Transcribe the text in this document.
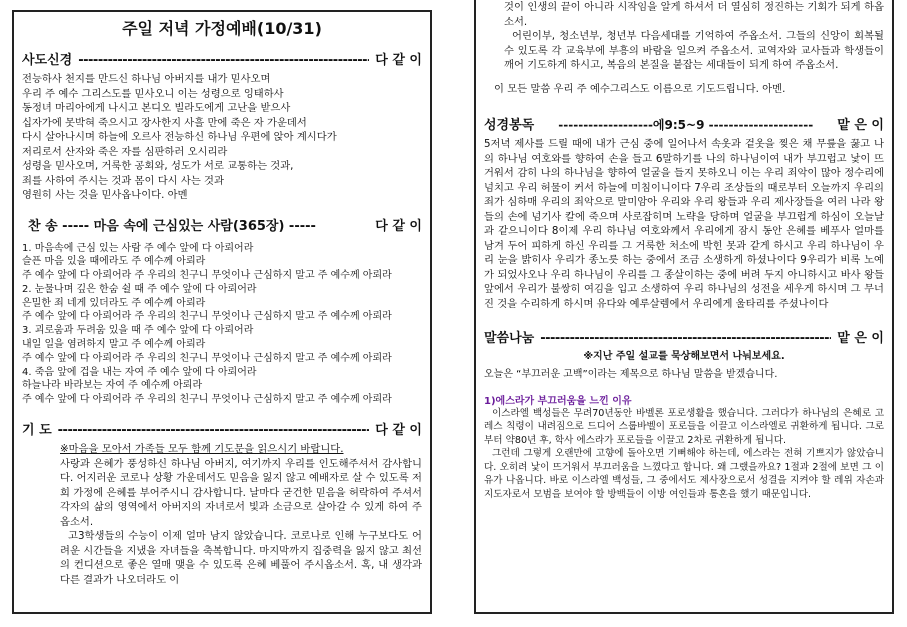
주일 저녁 가정예배(10/31)
사도신경 -----	다 같 이

전능하사 천지를 만드신 하나님 아버지를 내가 믿사오며

우리 주 예수 그리스도를 믿사오니 이는 성령으로 잉태하사

동정녀 마리아에게 나시고 본디오 빌라도에게 고난을 받으사

십자가에 못박혀 죽으시고 장사한지 사흘 만에 죽은 자 가운데서

다시 살아나시며 하늘에 오르사 전능하신 하나님 우편에 앉아 계시다가

저리로서 산자와 죽은 자를 심판하러 오시리라

성령을 믿사오며, 거룩한 공회와, 성도가 서로 교통하는 것과,

죄를 사하여 주시는 것과 몸이 다시 사는 것과

영원히 사는 것을 믿사옵나이다. 아멘

찬 송 ----- 마음 속에 근심있는 사람(365장) -----	다 같 이

1. 마음속에 근심 있는 사람 주 예수 앞에 다 아뢰어라

슬픈 마음 있을 때에라도 주 예수께 아뢰라

주 예수 앞에 다 아뢰어라 주 우리의 친구니 무엇이나 근심하지 말고 주 예수께 아뢰라

2. 눈물나며 깊은 한숨 쉴 때 주 예수 앞에 다 아뢰어라

은밀한 죄 네게 있더라도 주 예수께 아뢰라

주 예수 앞에 다 아뢰어라 주 우리의 친구니 무엇이나 근심하지 말고 주 예수께 아뢰라

3. 괴로움과 두려움 있을 때 주 예수 앞에 다 아뢰어라

내일 일을 염려하지 말고 주 예수께 아뢰라

주 예수 앞에 다 아뢰어라 주 우리의 친구니 무엇이나 근심하지 말고 주 예수께 아뢰라

4. 죽음 앞에 겁을 내는 자여 주 예수 앞에 다 아뢰어라

하늘나라 바라보는 자여 주 예수께 아뢰라

주 예수 앞에 다 아뢰어라 주 우리의 친구니 무엇이나 근심하지 말고 주 예수께 아뢰라

기 도 -----	다 같 이

※마음을 모아서 가족들 모두 함께 기도문을 읽으시기 바랍니다.

사랑과 은혜가 풍성하신 하나님 아버지, 여기까지 우리를 인도해주셔서 감사합니다. 어지러운 코로나 상황 가운데서도 믿음을 잃지 않고 예배자로 살 수 있도록 저희 가정에 은혜를 부어주시니 감사합니다. 날마다 굳건한 믿음을 허락하여 주셔서 각자의 삶의 영역에서 아버지의 자녀로서 빛과 소금으로 살아갈 수 있게 하여 주옵소서.

고3학생들의 수능이 이제 얼마 남지 않았습니다. 코로나로 인해 누구보다도 어려운 시간들을 지냈을 자녀들을 축복합니다. 마지막까지 집중력을 잃지 않고 최선의 컨디션으로 좋은 열매 맺을 수 있도록 은혜 베풀어 주시옵소서. 혹, 내 생각과 다른 결과가 나오더라도 이

것이 인생의 끝이 아니라 시작임을 알게 하셔서 더 열심히 정진하는 기회가 되게 하옵소서.

어린이부, 청소년부, 청년부 다음세대를 기억하여 주옵소서. 그들의 신앙이 회복될 수 있도록 각 교육부에 부흥의 바람을 일으켜 주옵소서. 교역자와 교사들과 학생들이 깨어 기도하게 하시고, 복음의 본질을 붙잡는 세대들이 되게 하여 주옵소서.

이 모든 말씀 우리 주 예수그리스도 이름으로 기도드립니다. 아멘.

성경봉독	-------------------에9:5~9 ---------------------	맡 은 이

5저녁 제사를 드릴 때에 내가 근심 중에 일어나서 속옷과 겉옷을 찢은 채 무릎을 꿇고 나의 하나님 여호와를 향하여 손을 들고 6말하기를 나의 하나님이여 내가 부끄럽고 낯이 뜨거워서 감히 나의 하나님을 향하여 얼굴을 들지 못하오니 이는 우리 죄악이 많아 정수리에 넘치고 우리 허물이 커서 하늘에 미침이니이다 7우리 조상들의 때로부터 오늘까지 우리의 죄가 심하매 우리의 죄악으로 말미암아 우리와 우리 왕들과 우리 제사장들을 여러 나라 왕들의 손에 넘기사 칼에 죽으며 사로잡히며 노략을 당하며 얼굴을 부끄럽게 하심이 오늘날과 같으니이다 8이제 우리 하나님 여호와께서 우리에게 잠시 동안 은혜를 베푸사 얼마를 남겨 두어 피하게 하신 우리를 그 거룩한 처소에 박힌 못과 같게 하시고 우리 하나님이 우리 눈을 밝히사 우리가 종노릇 하는 중에서 조금 소생하게 하셨나이다 9우리가 비록 노예가 되었사오나 우리 하나님이 우리를 그 종살이하는 중에 버려 두지 아니하시고 바사 왕들 앞에서 우리가 불쌍히 여김을 입고 소생하여 우리 하나님의 성전을 세우게 하시며 그 무너진 것을 수리하게 하시며 유다와 예루살렘에서 우리에게 울타리를 주셨나이다

말씀나눔 -----	맡 은 이
※지난 주일 설교를 묵상해보면서 나눠보세요.

오늘은 “부끄러운 고백”이라는 제목으로 하나님 말씀을 받겠습니다.

1)에스라가 부끄러움을 느낀 이유

이스라엘 백성들은 무려70년동안 바벨론 포로생활을 했습니다. 그러다가 하나님의 은혜로 고레스 칙령이 내려짐으로 드디어 스룹바벨이 포로들을 이끌고 이스라엘로 귀환하게 됩니다. 그로부터 약80년 후, 학사 에스라가 포로들을 이끌고 2차로 귀환하게 됩니다.

그런데 그렇게 오랜만에 고향에 돌아오면 기뻐해야 하는데, 에스라는 전혀 기쁘지가 않았습니다. 오히려 낯이 뜨거워서 부끄러움을 느꼈다고 합니다. 왜 그랬을까요? 1절과 2절에 보면 그 이유가 나옵니다. 바로 이스라엘 백성들, 그 중에서도 제사장으로서 성결을 지켜야 할 레위 자손과 지도자로서 모범을 보여야 할 방백들이 이방 여인들과 통혼을 했기 때문입니다.
